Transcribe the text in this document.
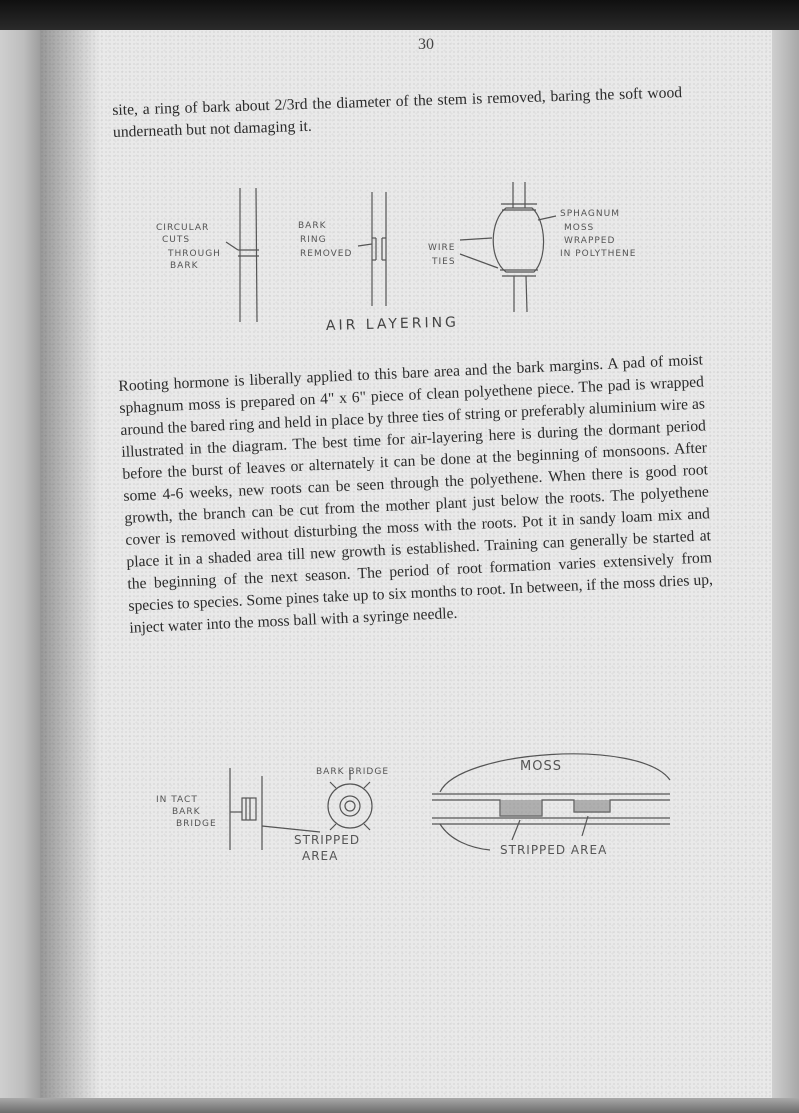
30

site, a ring of bark about 2/3rd the diameter of the stem is removed, baring the soft wood underneath but not damaging it.

CIRCULAR
CUTS
THROUGH
BARK
BARK
RING
REMOVED
WIRE
TIES
SPHAGNUM
MOSS
WRAPPED
IN POLYTHENE
AIR LAYERING

Rooting hormone is liberally applied to this bare area and the bark margins. A pad of moist sphagnum moss is prepared on 4" x 6" piece of clean polyethene piece. The pad is wrapped around the bared ring and held in place by three ties of string or preferably aluminium wire as illustrated in the diagram. The best time for air-layering here is during the dormant period before the burst of leaves or alternately it can be done at the beginning of monsoons. After some 4-6 weeks, new roots can be seen through the polyethene. When there is good root growth, the branch can be cut from the mother plant just below the roots. The polyethene cover is removed without disturbing the moss with the roots. Pot it in sandy loam mix and place it in a shaded area till new growth is established. Training can generally be started at the beginning of the next season. The period of root formation varies extensively from species to species. Some pines take up to six months to root. In between, if the moss dries up, inject water into the moss ball with a syringe needle.

IN TACT
BARK
BRIDGE
BARK BRIDGE
STRIPPED
AREA
MOSS
STRIPPED AREA
